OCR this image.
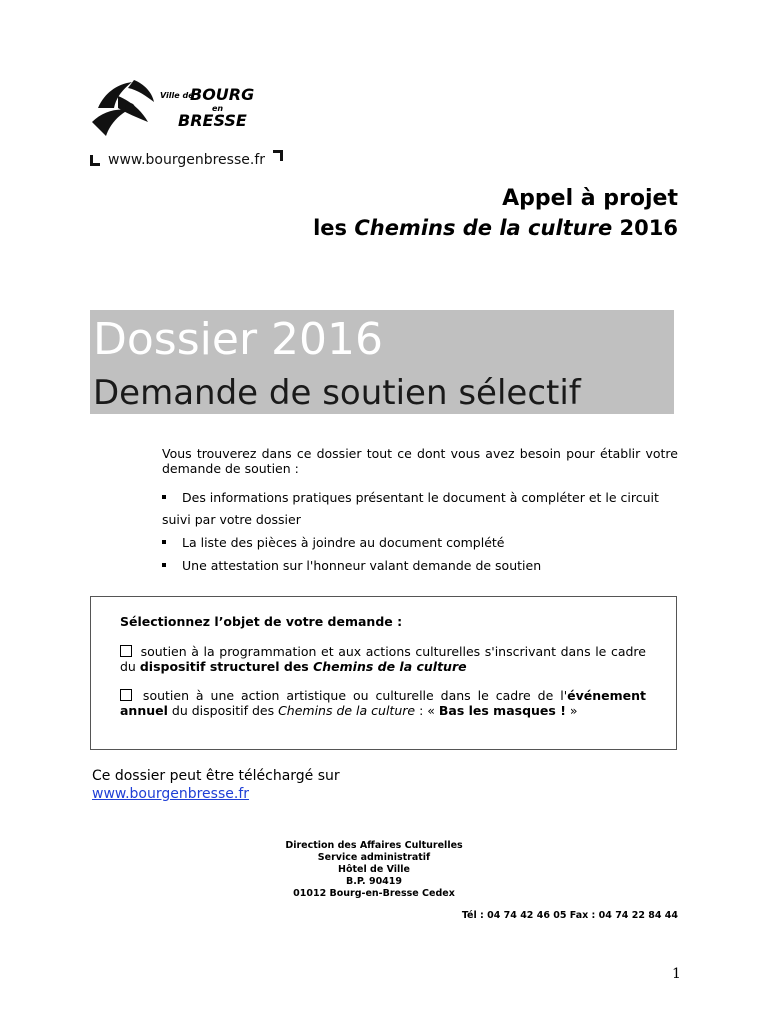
Ville de
BOURG
en
BRESSE
www.bourgenbresse.fr
Appel à projet
les Chemins de la culture 2016
Dossier 2016
Demande de soutien sélectif
Vous trouverez dans ce dossier tout ce dont vous avez besoin pour établir votre demande de soutien :
Des informations pratiques présentant le document à compléter et le circuit
suivi par votre dossier
La liste des pièces à joindre au document complété
Une attestation sur l'honneur valant demande de soutien
Sélectionnez l’objet de votre demande :
soutien à la programmation et aux actions culturelles s'inscrivant dans le cadre du dispositif structurel des Chemins de la culture
soutien à une action artistique ou culturelle dans le cadre de l'événement annuel du dispositif des Chemins de la culture : « Bas les masques ! »
Ce dossier peut être téléchargé sur
www.bourgenbresse.fr
Direction des Affaires Culturelles
Service administratif
Hôtel de Ville
B.P. 90419
01012 Bourg-en-Bresse Cedex
Tél : 04 74 42 46 05 Fax : 04 74 22 84 44
1
